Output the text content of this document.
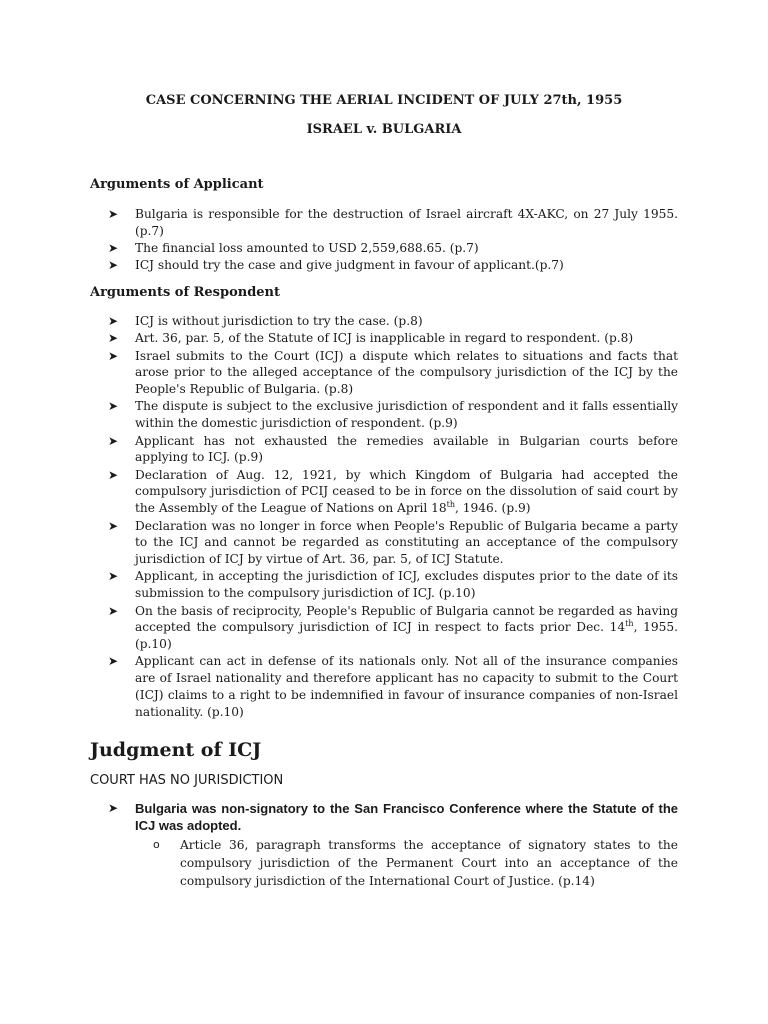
CASE CONCERNING THE AERIAL INCIDENT OF JULY 27th, 1955
ISRAEL v. BULGARIA
Arguments of Applicant
➤ Bulgaria is responsible for the destruction of Israel aircraft 4X-AKC, on 27 July 1955. (p.7)
➤ The financial loss amounted to USD 2,559,688.65. (p.7)
➤ ICJ should try the case and give judgment in favour of applicant.(p.7)
Arguments of Respondent
➤ ICJ is without jurisdiction to try the case. (p.8)
➤ Art. 36, par. 5, of the Statute of ICJ is inapplicable in regard to respondent. (p.8)
➤ Israel submits to the Court (ICJ) a dispute which relates to situations and facts that arose prior to the alleged acceptance of the compulsory jurisdiction of the ICJ by the People's Republic of Bulgaria. (p.8)
➤ The dispute is subject to the exclusive jurisdiction of respondent and it falls essentially within the domestic jurisdiction of respondent. (p.9)
➤ Applicant has not exhausted the remedies available in Bulgarian courts before applying to ICJ. (p.9)
➤ Declaration of Aug. 12, 1921, by which Kingdom of Bulgaria had accepted the compulsory jurisdiction of PCIJ ceased to be in force on the dissolution of said court by the Assembly of the League of Nations on April 18th, 1946. (p.9)
➤ Declaration was no longer in force when People's Republic of Bulgaria became a party to the ICJ and cannot be regarded as constituting an acceptance of the compulsory jurisdiction of ICJ by virtue of Art. 36, par. 5, of ICJ Statute.
➤ Applicant, in accepting the jurisdiction of ICJ, excludes disputes prior to the date of its submission to the compulsory jurisdiction of ICJ. (p.10)
➤ On the basis of reciprocity, People's Republic of Bulgaria cannot be regarded as having accepted the compulsory jurisdiction of ICJ in respect to facts prior Dec. 14th, 1955. (p.10)
➤ Applicant can act in defense of its nationals only. Not all of the insurance companies are of Israel nationality and therefore applicant has no capacity to submit to the Court (ICJ) claims to a right to be indemnified in favour of insurance companies of non-Israel nationality. (p.10)
Judgment of ICJ
COURT HAS NO JURISDICTION
➤ Bulgaria was non-signatory to the San Francisco Conference where the Statute of the ICJ was adopted.
o Article 36, paragraph transforms the acceptance of signatory states to the compulsory jurisdiction of the Permanent Court into an acceptance of the compulsory jurisdiction of the International Court of Justice. (p.14)
